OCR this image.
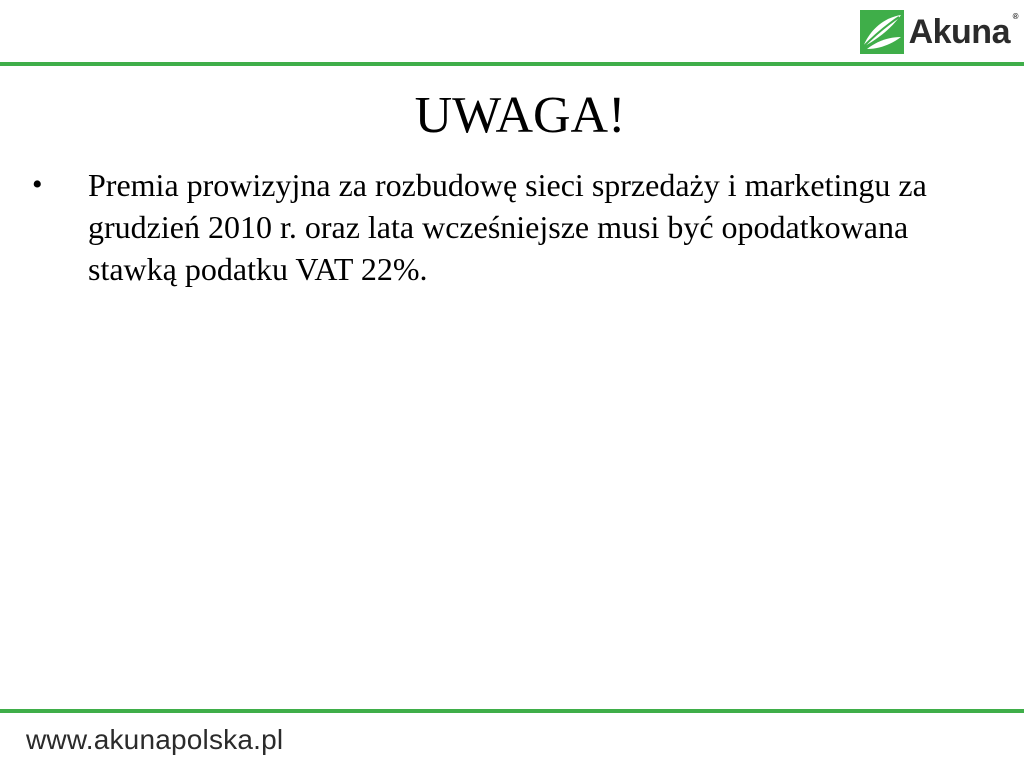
Akuna ®
UWAGA!
•	Premia prowizyjna za rozbudowę sieci sprzedaży i marketingu za grudzień 2010 r. oraz lata wcześniejsze musi być opodatkowana stawką podatku VAT 22%.
www.akunapolska.pl
